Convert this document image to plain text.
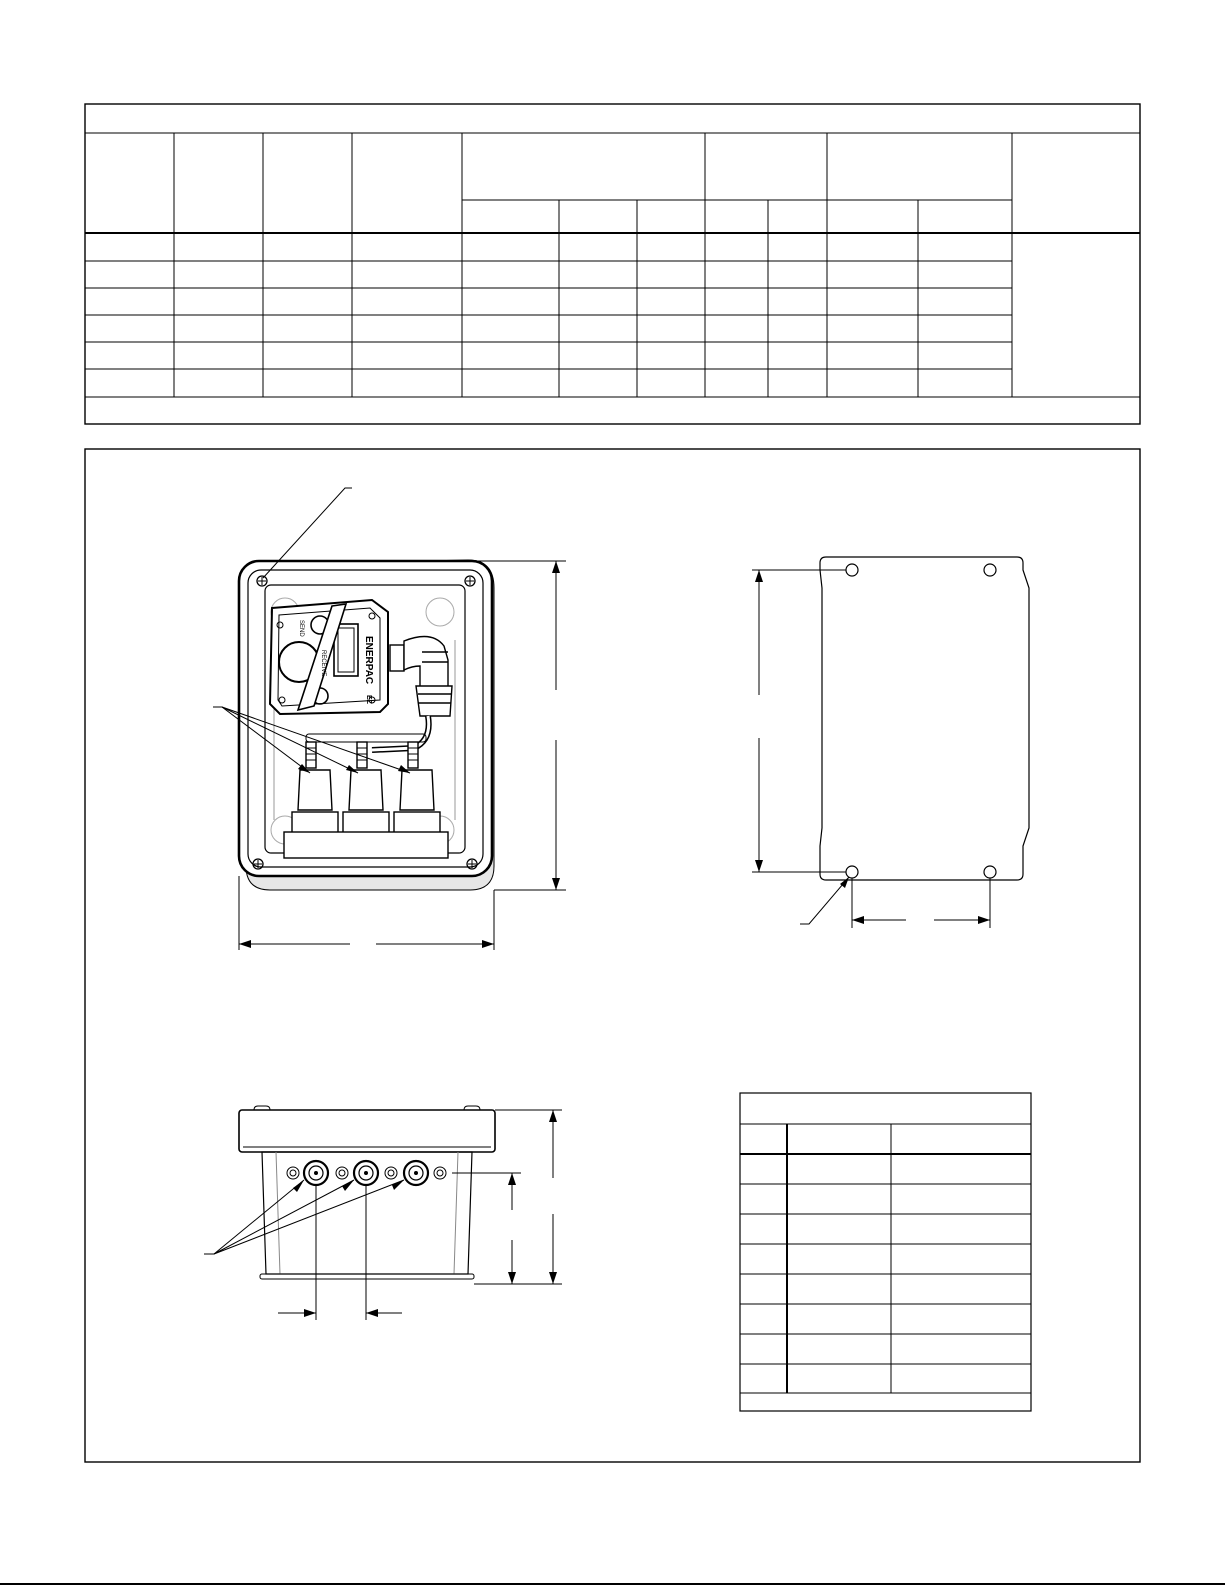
SEND
RECEIVE	ENERPAC
EZ
